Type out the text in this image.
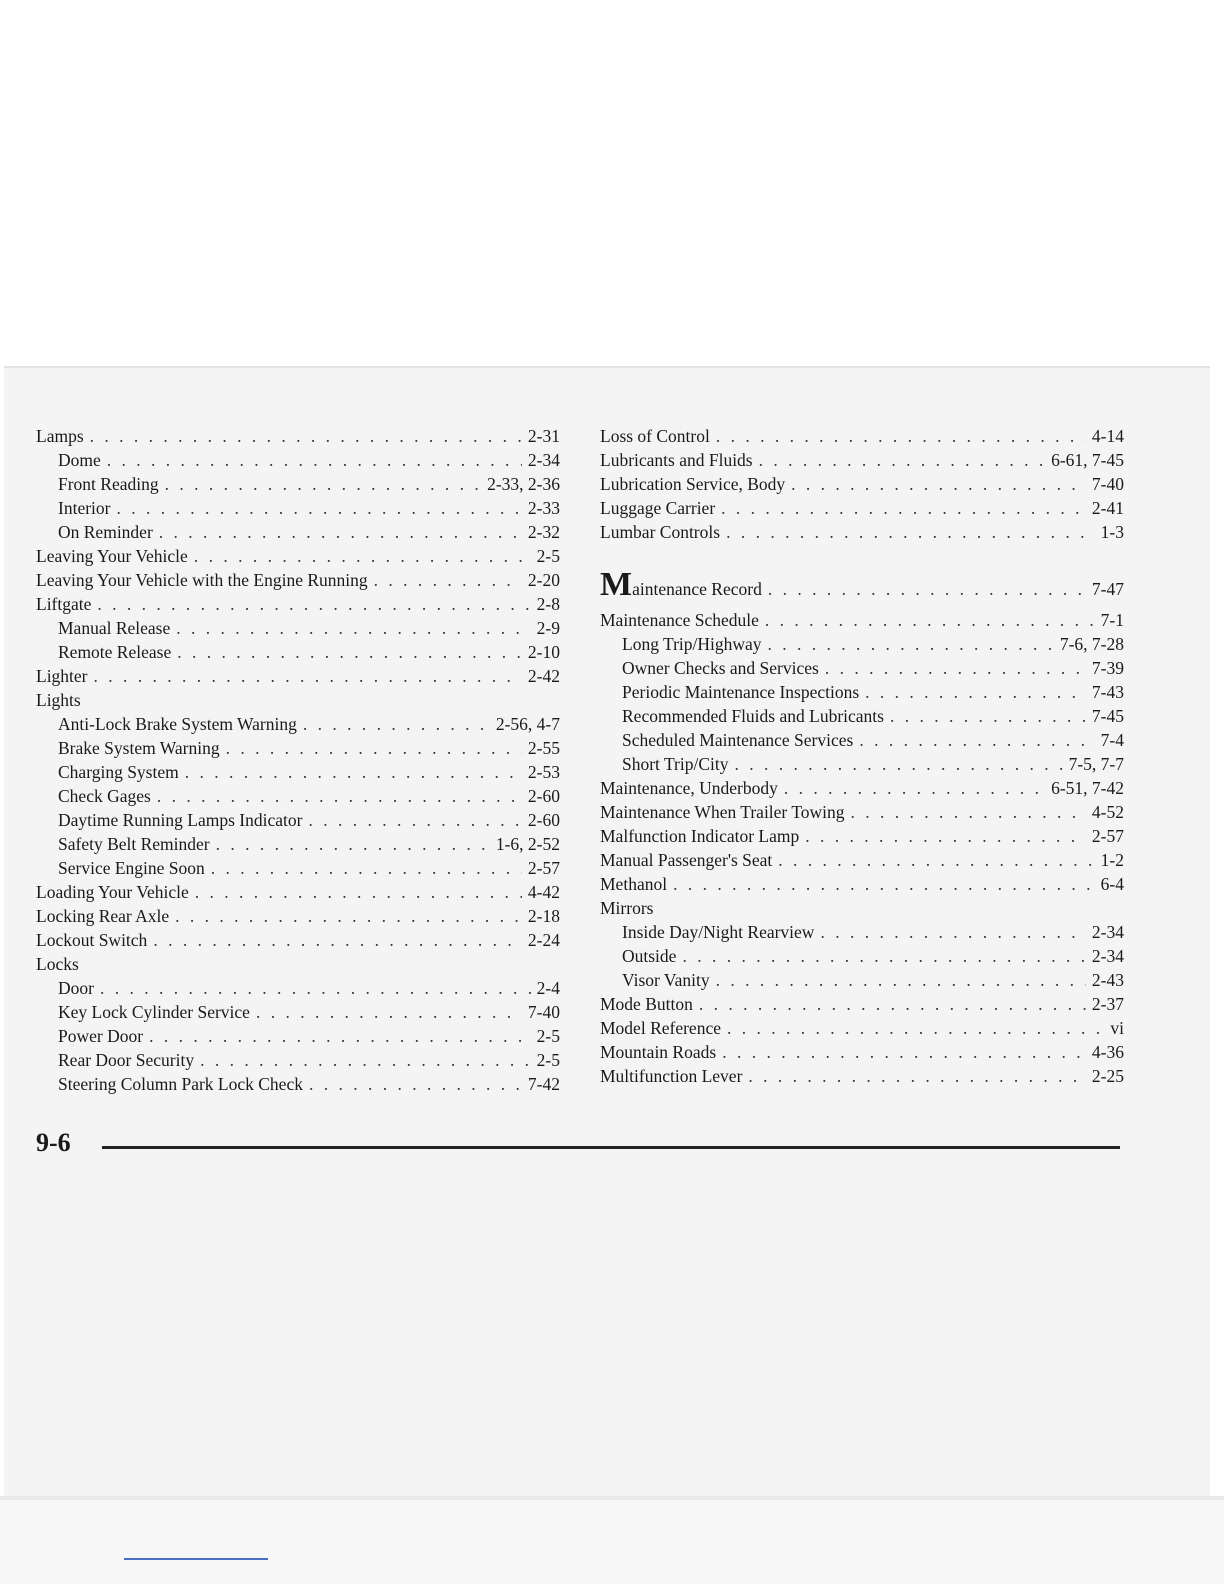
Lamps . . .	2-31
Dome . . .	2-34
Front Reading . . .	2-33, 2-36
Interior . . .	2-33
On Reminder . . .	2-32
Leaving Your Vehicle . . .	2-5
Leaving Your Vehicle with the Engine Running . . .	2-20
Liftgate . . .	2-8
Manual Release . . .	2-9
Remote Release . . .	2-10
Lighter . . .	2-42
Lights
Anti-Lock Brake System Warning . . .	2-56, 4-7
Brake System Warning . . .	2-55
Charging System . . .	2-53
Check Gages . . .	2-60
Daytime Running Lamps Indicator . . .	2-60
Safety Belt Reminder . . .	1-6, 2-52
Service Engine Soon . . .	2-57
Loading Your Vehicle . . .	4-42
Locking Rear Axle . . .	2-18
Lockout Switch . . .	2-24
Locks
Door . . .	2-4
Key Lock Cylinder Service . . .	7-40
Power Door . . .	2-5
Rear Door Security . . .	2-5
Steering Column Park Lock Check . . .	7-42
Loss of Control . . .	4-14
Lubricants and Fluids . . .	6-61, 7-45
Lubrication Service, Body . . .	7-40
Luggage Carrier . . .	2-41
Lumbar Controls . . .	1-3
Maintenance Record . . .	7-47
Maintenance Schedule . . .	7-1
Long Trip/Highway . . .	7-6, 7-28
Owner Checks and Services . . .	7-39
Periodic Maintenance Inspections . . .	7-43
Recommended Fluids and Lubricants . . .	7-45
Scheduled Maintenance Services . . .	7-4
Short Trip/City . . .	7-5, 7-7
Maintenance, Underbody . . .	6-51, 7-42
Maintenance When Trailer Towing . . .	4-52
Malfunction Indicator Lamp . . .	2-57
Manual Passenger's Seat . . .	1-2
Methanol . . .	6-4
Mirrors
Inside Day/Night Rearview . . .	2-34
Outside . . .	2-34
Visor Vanity . . .	2-43
Mode Button . . .	2-37
Model Reference . . .	vi
Mountain Roads . . .	4-36
Multifunction Lever . . .	2-25
9-6
